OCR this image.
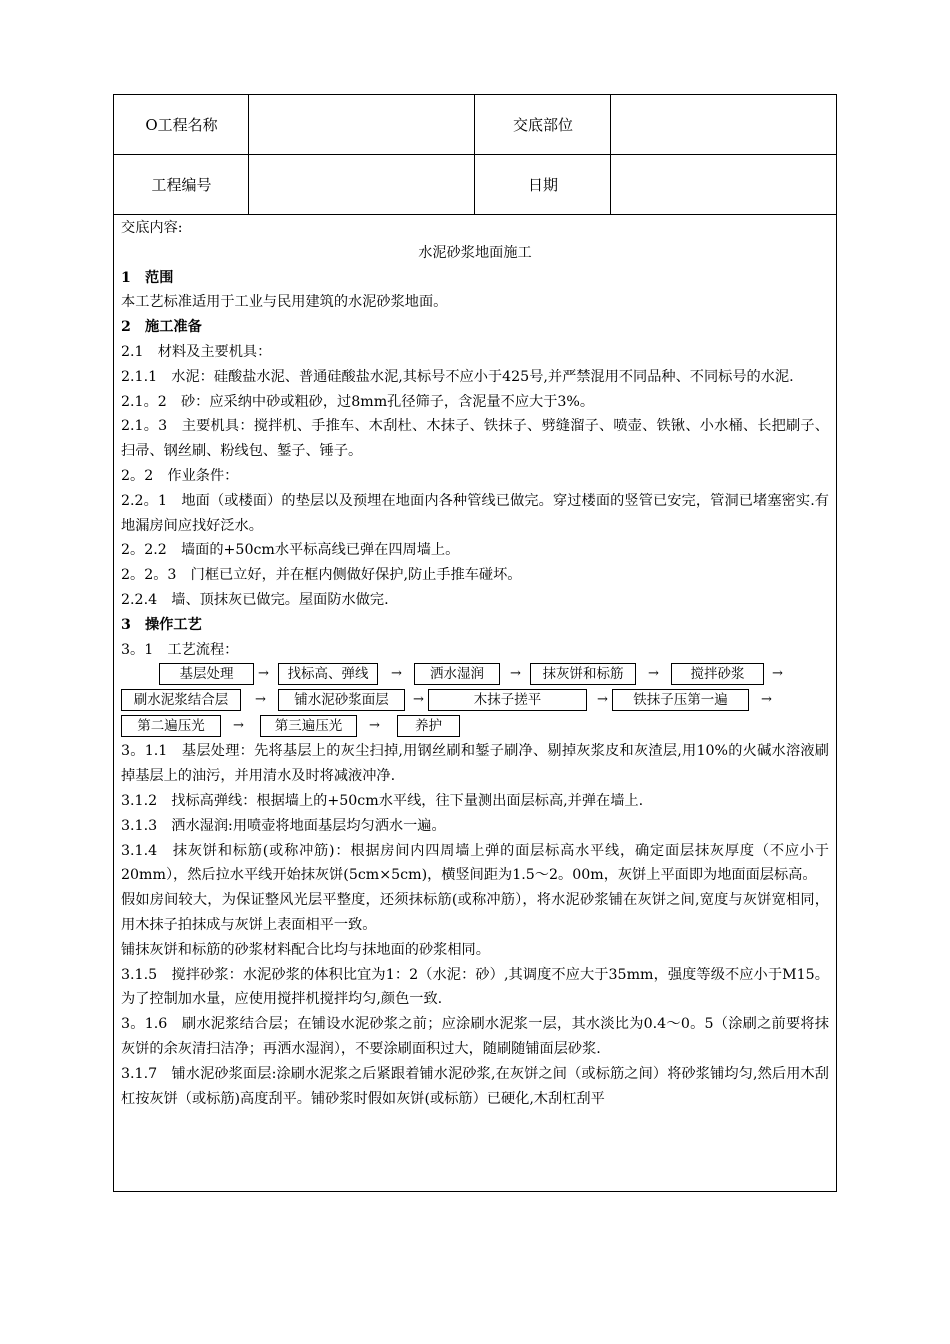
O工程名称	交底部位
工程编号	日期
交底内容:
水泥砂浆地面施工
1　范围
本工艺标准适用于工业与民用建筑的水泥砂浆地面。
2　施工准备
2.1　材料及主要机具：
2.1.1　水泥：硅酸盐水泥、普通硅酸盐水泥,其标号不应小于425号,并严禁混用不同品种、不同标号的水泥.
2.1。2　砂：应采纳中砂或粗砂，过8mm孔径筛子，含泥量不应大于3%。
2.1。3　主要机具：搅拌机、手推车、木刮杜、木抹子、铁抹子、劈缝溜子、喷壶、铁锹、小水桶、长把刷子、扫帚、钢丝刷、粉线包、錾子、锤子。
2。2　作业条件：
2.2。1　地面（或楼面）的垫层以及预埋在地面内各种管线已做完。穿过楼面的竖管已安完，管洞已堵塞密实.有地漏房间应找好泛水。
2。2.2　墙面的+50cm水平标高线已弹在四周墙上。
2。2。3　门框已立好，并在框内侧做好保护,防止手推车碰坏。
2.2.4　墙、顶抹灰已做完。屋面防水做完.
3　操作工艺
3。1　工艺流程：
基层处理	→	找标高、弹线	→	洒水湿润	→	抹灰饼和标筋	→	搅拌砂浆	→
刷水泥浆结合层	→	铺水泥砂浆面层	→	木抹子搓平	→	铁抹子压第一遍	→
第二遍压光	→	第三遍压光	→	养护
3。1.1　基层处理：先将基层上的灰尘扫掉,用钢丝刷和錾子刷净、剔掉灰浆皮和灰渣层,用10%的火碱水溶液刷掉基层上的油污，并用清水及时将减液冲净.
3.1.2　找标高弹线：根据墙上的+50cm水平线，往下量测出面层标高,并弹在墙上.
3.1.3　洒水湿润:用喷壶将地面基层均匀洒水一遍。
3.1.4　抹灰饼和标筋(或称冲筋)：根据房间内四周墙上弹的面层标高水平线，确定面层抹灰厚度（不应小于20mm），然后拉水平线开始抹灰饼(5cm×5cm)，横竖间距为1.5～2。00m，灰饼上平面即为地面面层标高。
假如房间较大，为保证整风光层平整度，还须抹标筋(或称冲筋），将水泥砂浆铺在灰饼之间,宽度与灰饼宽相同，用木抹子拍抹成与灰饼上表面相平一致。
铺抹灰饼和标筋的砂浆材料配合比均与抹地面的砂浆相同。
3.1.5　搅拌砂浆：水泥砂浆的体积比宜为1：2（水泥：砂）,其调度不应大于35mm，强度等级不应小于M15。为了控制加水量，应使用搅拌机搅拌均匀,颜色一致.
3。1.6　刷水泥浆结合层；在铺设水泥砂浆之前；应涂刷水泥浆一层，其水淡比为0.4～0。5（涂刷之前要将抹灰饼的余灰清扫洁净；再洒水湿润），不要涂刷面积过大，随刷随铺面层砂浆.
3.1.7　铺水泥砂浆面层:涂刷水泥浆之后紧跟着铺水泥砂浆,在灰饼之间（或标筋之间）将砂浆铺均匀,然后用木刮杠按灰饼（或标筋)高度刮平。铺砂浆时假如灰饼(或标筋）已硬化,木刮杠刮平
